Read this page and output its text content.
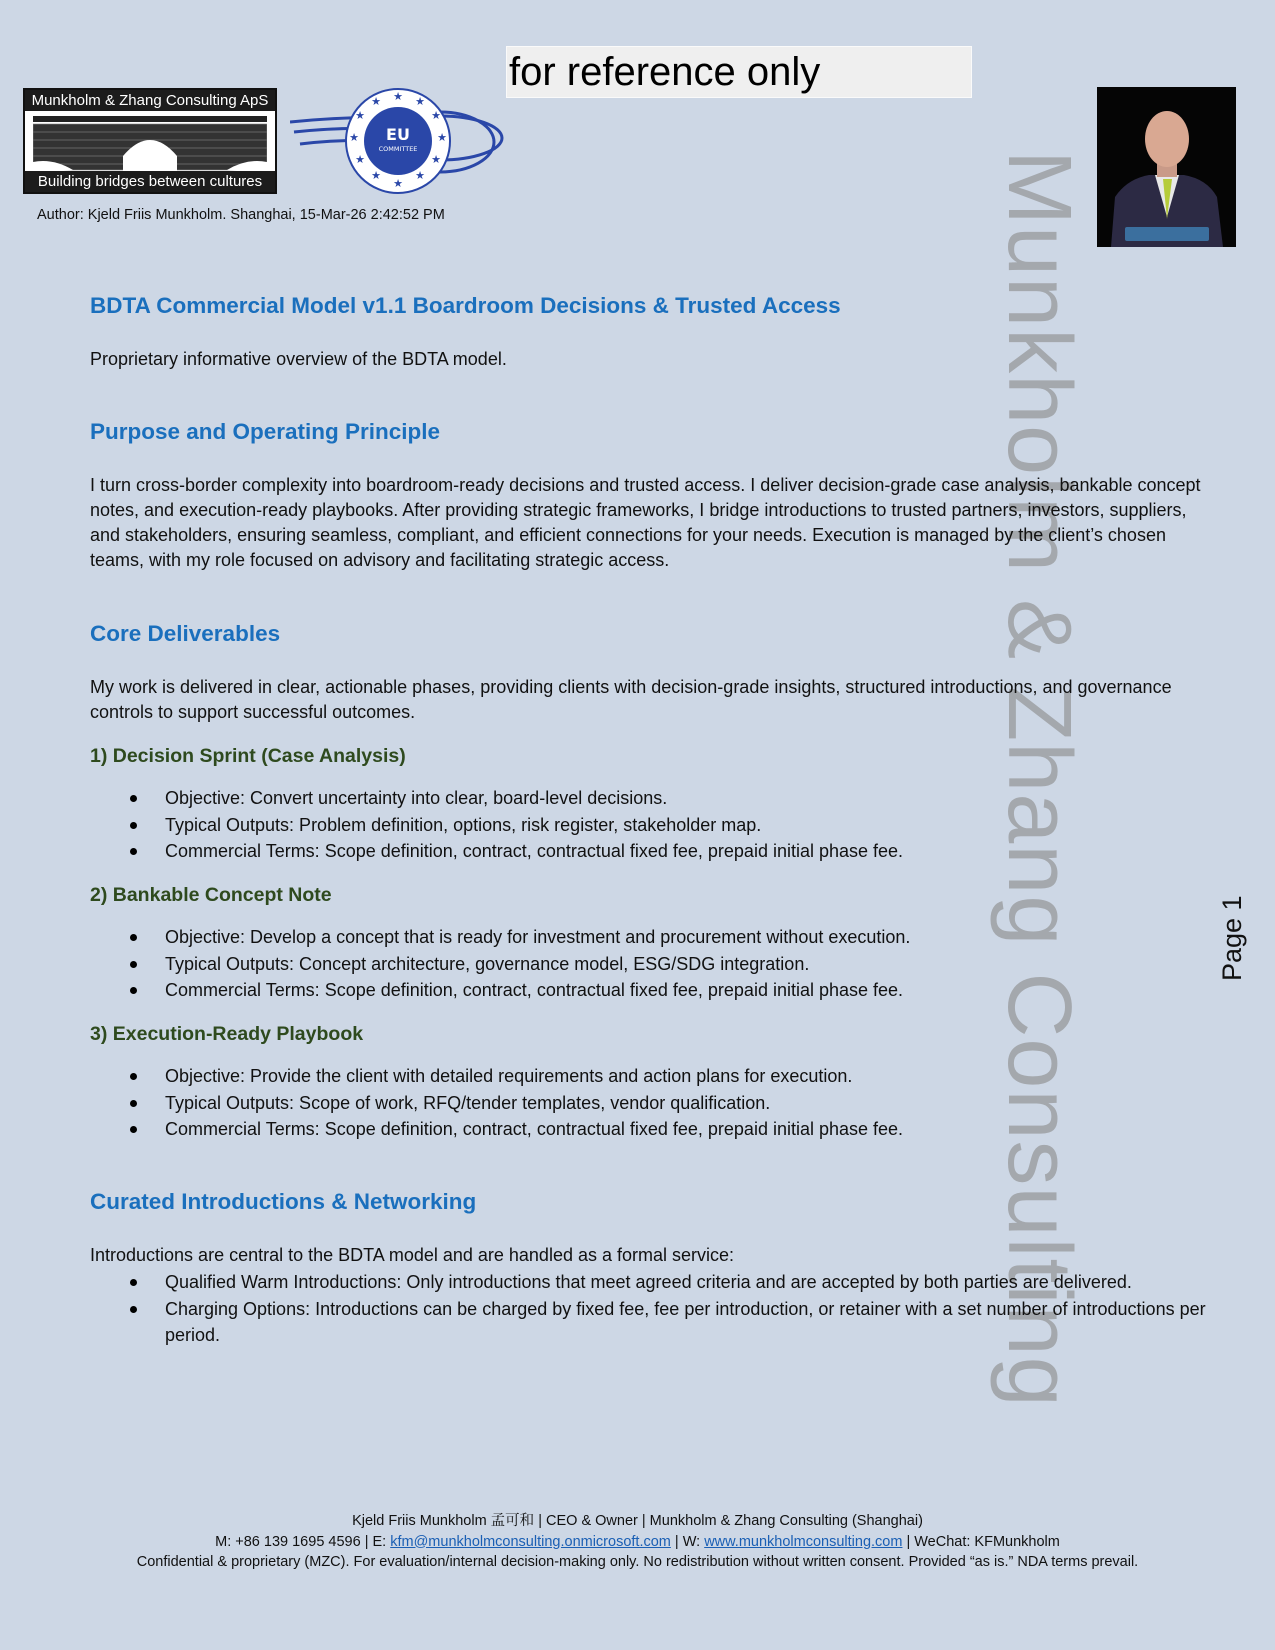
Munkholm & Zhang Consulting ApS
Building bridges between cultures
★ ★
★
★
★
★
★
★
★
★
★
★
EU
COMMITTEE
for reference only
Author: Kjeld Friis Munkholm. Shanghai, 15-Mar-26 2:42:52 PM	Munkholm & Zhang Consulting	Page 1
BDTA Commercial Model v1.1 Boardroom Decisions & Trusted Access

Proprietary informative overview of the BDTA model.

Purpose and Operating Principle

I turn cross-border complexity into boardroom-ready decisions and trusted access. I deliver decision-grade case analysis, bankable concept notes, and execution-ready playbooks. After providing strategic frameworks, I bridge introductions to trusted partners, investors, suppliers, and stakeholders, ensuring seamless, compliant, and efficient connections for your needs. Execution is managed by the client’s chosen teams, with my role focused on advisory and facilitating strategic access.

Core Deliverables

My work is delivered in clear, actionable phases, providing clients with decision-grade insights, structured introductions, and governance controls to support successful outcomes.

1) Decision Sprint (Case Analysis)
Objective: Convert uncertainty into clear, board-level decisions.
Typical Outputs: Problem definition, options, risk register, stakeholder map.
Commercial Terms: Scope definition, contract, contractual fixed fee, prepaid initial phase fee.
2) Bankable Concept Note
Objective: Develop a concept that is ready for investment and procurement without execution.
Typical Outputs: Concept architecture, governance model, ESG/SDG integration.
Commercial Terms: Scope definition, contract, contractual fixed fee, prepaid initial phase fee.
3) Execution-Ready Playbook
Objective: Provide the client with detailed requirements and action plans for execution.
Typical Outputs: Scope of work, RFQ/tender templates, vendor qualification.
Commercial Terms: Scope definition, contract, contractual fixed fee, prepaid initial phase fee.
Curated Introductions & Networking

Introductions are central to the BDTA model and are handled as a formal service:

Qualified Warm Introductions: Only introductions that meet agreed criteria and are accepted by both parties are delivered.
Charging Options: Introductions can be charged by fixed fee, fee per introduction, or retainer with a set number of introductions per period.
Kjeld Friis Munkholm 孟可和 | CEO & Owner | Munkholm & Zhang Consulting (Shanghai)
M: +86 139 1695 4596 | E: kfm@munkholmconsulting.onmicrosoft.com | W: www.munkholmconsulting.com | WeChat: KFMunkholm
Confidential & proprietary (MZC). For evaluation/internal decision-making only. No redistribution without written consent. Provided “as is.” NDA terms prevail.
